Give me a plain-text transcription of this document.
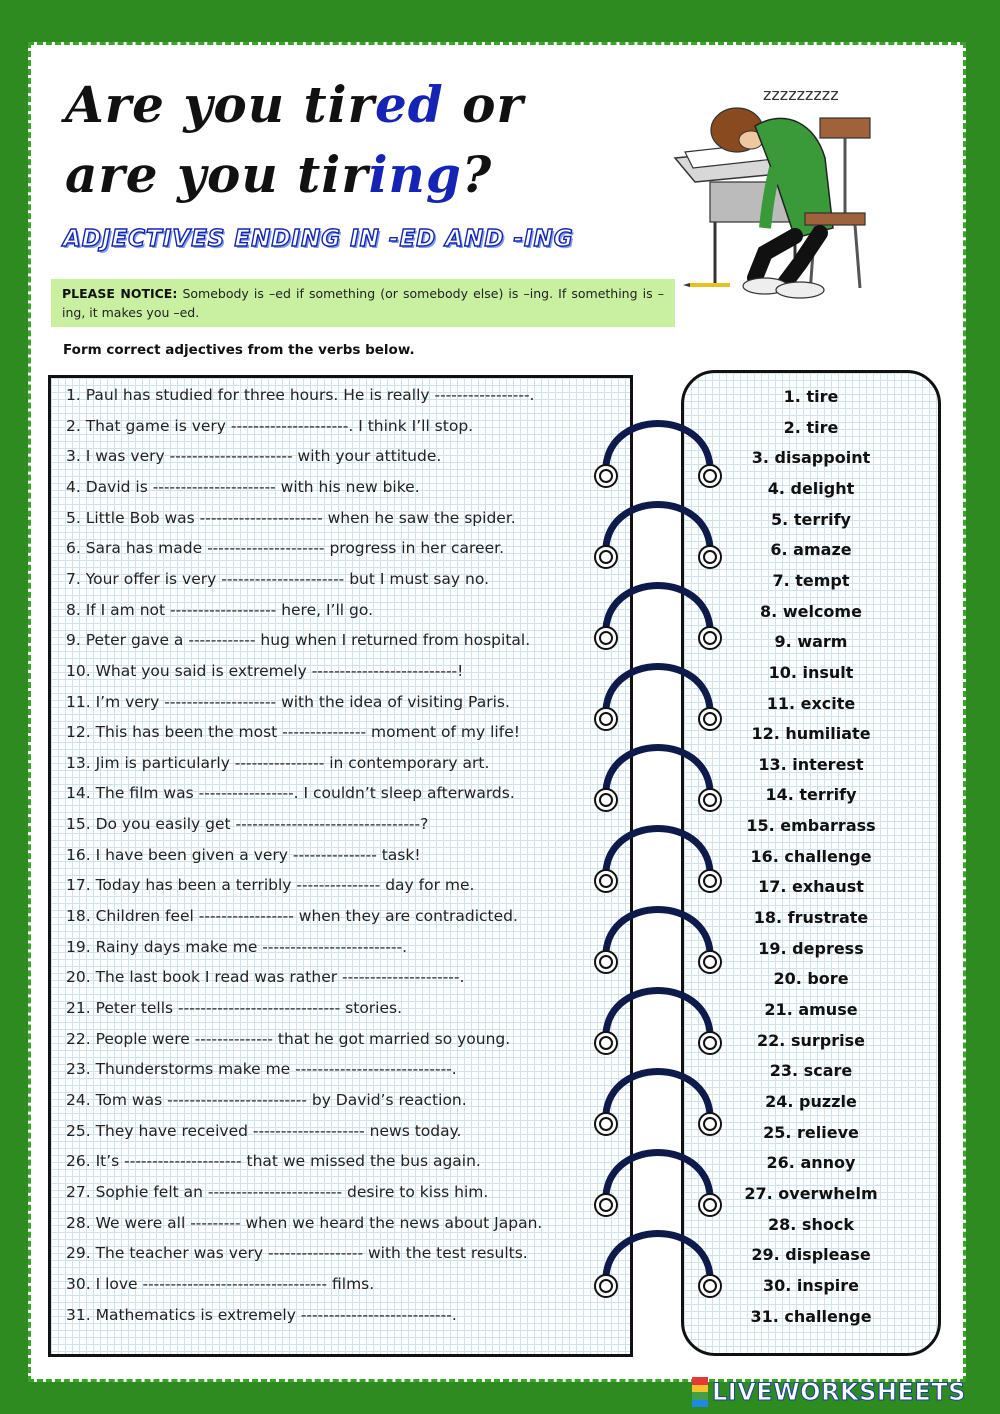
Are you tired or
are you tiring?
ADJECTIVES ENDING IN -ED AND -ING
zzzzzzzzz
PLEASE NOTICE: Somebody is –ed if something (or somebody else) is –ing. If something is –ing, it makes you –ed.
Form correct adjectives from the verbs below.
1. Paul has studied for three hours. He is really -----------------.
2. That game is very ---------------------. I think I’ll stop.
3. I was very ---------------------- with your attitude.
4. David is ---------------------- with his new bike.
5. Little Bob was ---------------------- when he saw the spider.
6. Sara has made --------------------- progress in her career.
7. Your offer is very ---------------------- but I must say no.
8. If I am not ------------------- here, I’ll go.
9. Peter gave a ------------ hug when I returned from hospital.
10. What you said is extremely --------------------------!
11. I’m very -------------------- with the idea of visiting Paris.
12. This has been the most --------------- moment of my life!
13. Jim is particularly ---------------- in contemporary art.
14. The film was -----------------. I couldn’t sleep afterwards.
15. Do you easily get ---------------------------------?
16. I have been given a very --------------- task!
17. Today has been a terribly --------------- day for me.
18. Children feel ----------------- when they are contradicted.
19. Rainy days make me -------------------------.
20. The last book I read was rather ---------------------.
21. Peter tells ----------------------------- stories.
22. People were -------------- that he got married so young.
23. Thunderstorms make me ----------------------------.
24. Tom was ------------------------- by David’s reaction.
25. They have received -------------------- news today.
26. It’s --------------------- that we missed the bus again.
27. Sophie felt an ------------------------ desire to kiss him.
28. We were all --------- when we heard the news about Japan.
29. The teacher was very ----------------- with the test results.
30. I love --------------------------------- films.
31. Mathematics is extremely ---------------------------.
1. tire
2. tire
3. disappoint
4. delight
5. terrify
6. amaze
7. tempt
8. welcome
9. warm
10. insult
11. excite
12. humiliate
13. interest
14. terrify
15. embarrass
16. challenge
17. exhaust
18. frustrate
19. depress
20. bore
21. amuse
22. surprise
23. scare
24. puzzle
25. relieve
26. annoy
27. overwhelm
28. shock
29. displease
30. inspire
31. challenge
LIVEWORKSHEETS
